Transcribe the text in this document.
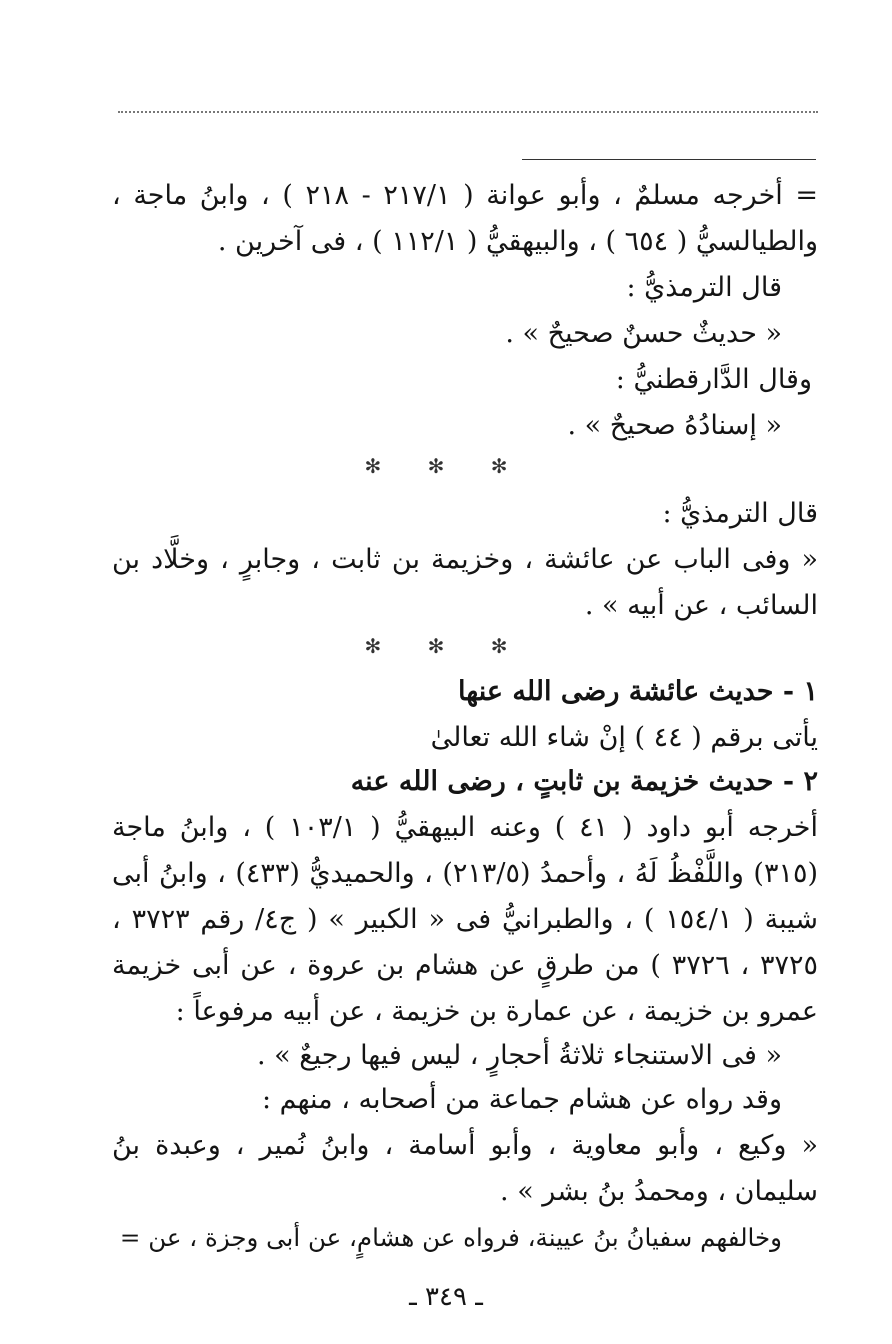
= أخرجه مسلمٌ ، وأبو عوانة ( ٢١٧/١ - ٢١٨ ) ، وابنُ ماجة ،
والطيالسيُّ ( ٦٥٤ ) ، والبيهقيُّ ( ١١٢/١ ) ، فى آخرين .
قال الترمذيُّ :
« حديثٌ حسنٌ صحيحٌ » .
وقال الدَّارقطنيُّ :
« إسنادُهُ صحيحٌ » .
✻ ✻ ✻
قال الترمذيُّ :
« وفى الباب عن عائشة ، وخزيمة بن ثابت ، وجابرٍ ، وخلَّاد بن
السائب ، عن أبيه » .
✻ ✻ ✻
١ - حديث عائشة رضى الله عنها
يأتى برقم ( ٤٤ ) إنْ شاء الله تعالىٰ
٢ - حديث خزيمة بن ثابتٍ ، رضى الله عنه
أخرجه أبو داود ( ٤١ ) وعنه البيهقيُّ ( ١٠٣/١ ) ، وابنُ ماجة
(٣١٥) واللَّفْظُ لَهُ ، وأحمدُ (٢١٣/٥) ، والحميديُّ (٤٣٣) ، وابنُ أبى
شيبة ( ١٥٤/١ ) ، والطبرانيُّ فى « الكبير » ( ج٤/ رقم ٣٧٢٣ ،
٣٧٢٥ ، ٣٧٢٦ ) من طرقٍ عن هشام بن عروة ، عن أبى خزيمة
عمرو بن خزيمة ، عن عمارة بن خزيمة ، عن أبيه مرفوعاً :
« فى الاستنجاء ثلاثةُ أحجارٍ ، ليس فيها رجيعٌ » .
وقد رواه عن هشام جماعة من أصحابه ، منهم :
« وكيع ، وأبو معاوية ، وأبو أسامة ، وابنُ نُمير ، وعبدة بنُ
سليمان ، ومحمدُ بنُ بشر » .
وخالفهم سفيانُ بنُ عيينة، فرواه عن هشامٍ، عن أبى وجزة ، عن =
ـ ٣٤٩ ـ
